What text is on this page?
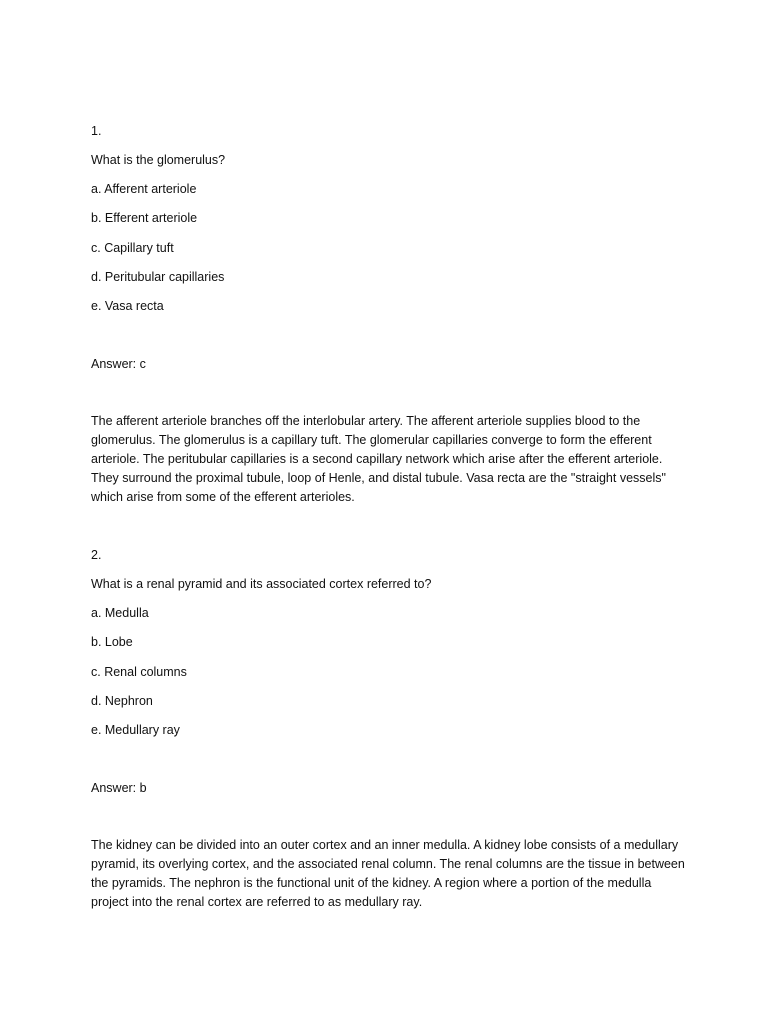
1.
What is the glomerulus?
a. Afferent arteriole
b. Efferent arteriole
c. Capillary tuft
d. Peritubular capillaries
e. Vasa recta
Answer: c
The afferent arteriole branches off the interlobular artery. The afferent arteriole supplies blood to the glomerulus. The glomerulus is a capillary tuft. The glomerular capillaries converge to form the efferent arteriole. The peritubular capillaries is a second capillary network which arise after the efferent arteriole. They surround the proximal tubule, loop of Henle, and distal tubule. Vasa recta are the "straight vessels" which arise from some of the efferent arterioles.
2.
What is a renal pyramid and its associated cortex referred to?
a. Medulla
b. Lobe
c. Renal columns
d. Nephron
e. Medullary ray
Answer: b
The kidney can be divided into an outer cortex and an inner medulla. A kidney lobe consists of a medullary pyramid, its overlying cortex, and the associated renal column. The renal columns are the tissue in between the pyramids. The nephron is the functional unit of the kidney. A region where a portion of the medulla project into the renal cortex are referred to as medullary ray.
